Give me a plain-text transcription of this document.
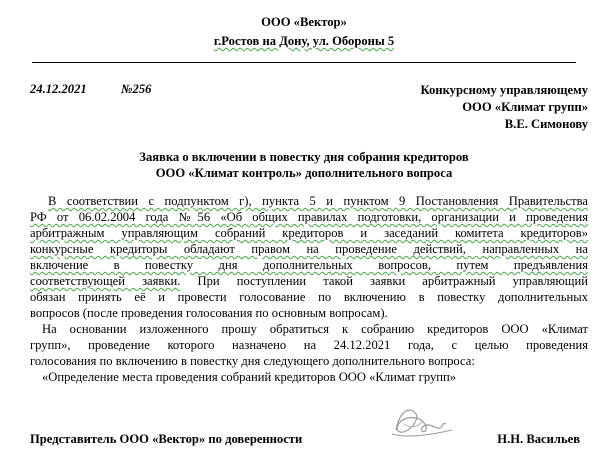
ООО «Вектор»
г.Ростов на Дону, ул. Обороны 5
24.12.2021	№256	Конкурсному управляющему
ООО «Климат групп»
В.Е. Симонову
Заявка о включении в повестку дня собрания кредиторов
ООО «Климат контроль» дополнительного вопроса
В соответствии с подпунктом г), пункта 5 и пунктом 9 Постановления Правительства
РФ от 06.02.2004 года №56 «Об общих правилах подготовки, организации и проведения
арбитражным управляющим собраний кредиторов и заседаний комитета кредиторов»
конкурсные кредиторы обладают правом на проведение действий, направленных на
включение в повестку дня дополнительных вопросов, путем предъявления
соответствующей заявки. При поступлении такой заявки арбитражный управляющий
обязан принять её и провести голосование по включению в повестку дополнительных
вопросов (после проведения голосования по основным вопросам).
На основании изложенного прошу обратиться к собранию кредиторов ООО «Климат
групп», проведение которого назначено на 24.12.2021 года, с целью проведения
голосования по включению в повестку дня следующего дополнительного вопроса:
«Определение места проведения собраний кредиторов ООО «Климат групп»
Представитель ООО «Вектор» по доверенности	Н.Н. Васильев
